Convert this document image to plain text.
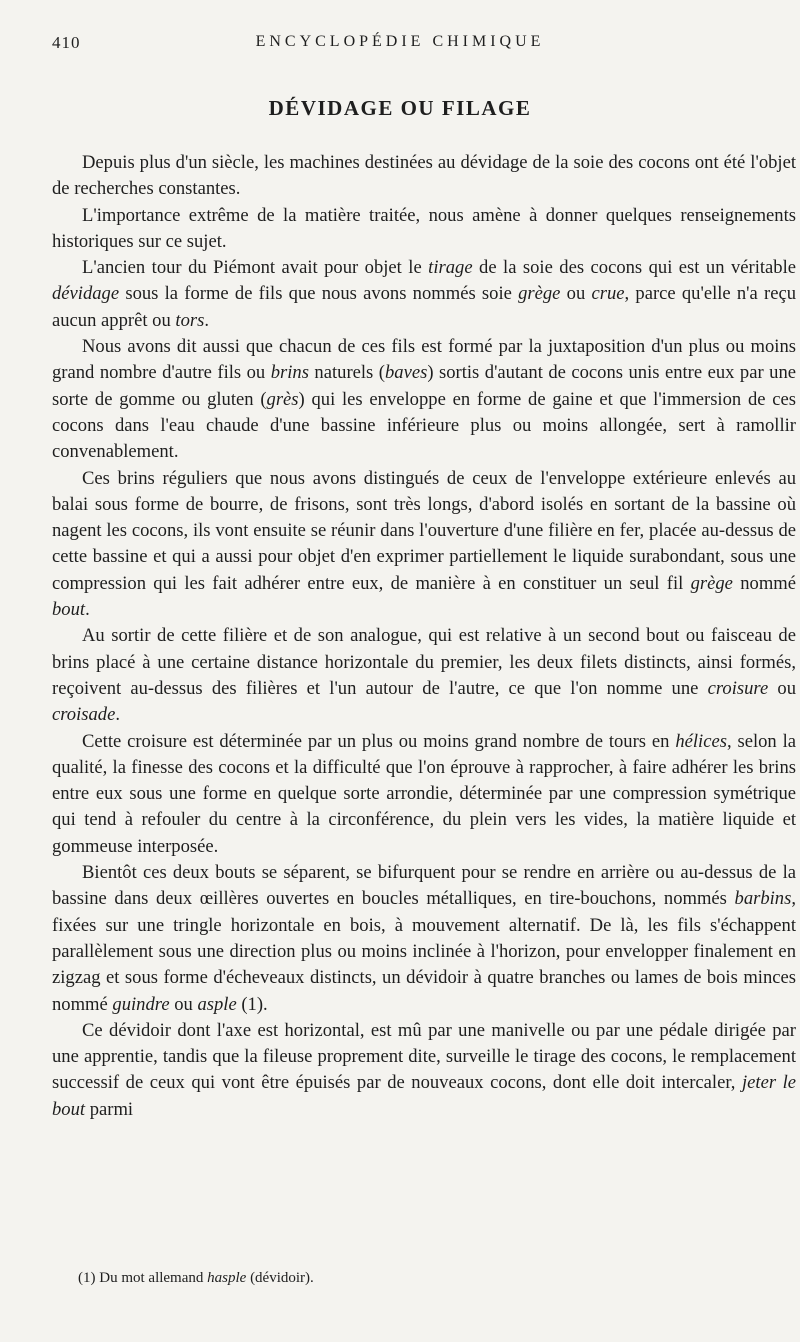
410	ENCYCLOPÉDIE CHIMIQUE
DÉVIDAGE OU FILAGE

Depuis plus d'un siècle, les machines destinées au dévidage de la soie des cocons ont été l'objet de recherches constantes.

L'importance extrême de la matière traitée, nous amène à donner quelques renseignements historiques sur ce sujet.

L'ancien tour du Piémont avait pour objet le tirage de la soie des cocons qui est un véritable dévidage sous la forme de fils que nous avons nommés soie grège ou crue, parce qu'elle n'a reçu aucun apprêt ou tors.

Nous avons dit aussi que chacun de ces fils est formé par la juxtaposition d'un plus ou moins grand nombre d'autre fils ou brins naturels (baves) sortis d'autant de cocons unis entre eux par une sorte de gomme ou gluten (grès) qui les enveloppe en forme de gaine et que l'immersion de ces cocons dans l'eau chaude d'une bassine inférieure plus ou moins allongée, sert à ramollir convenablement.

Ces brins réguliers que nous avons distingués de ceux de l'enveloppe extérieure enlevés au balai sous forme de bourre, de frisons, sont très longs, d'abord isolés en sortant de la bassine où nagent les cocons, ils vont ensuite se réunir dans l'ouverture d'une filière en fer, placée au-dessus de cette bassine et qui a aussi pour objet d'en exprimer partiellement le liquide surabondant, sous une compression qui les fait adhérer entre eux, de manière à en constituer un seul fil grège nommé bout.

Au sortir de cette filière et de son analogue, qui est relative à un second bout ou faisceau de brins placé à une certaine distance horizontale du premier, les deux filets distincts, ainsi formés, reçoivent au-dessus des filières et l'un autour de l'autre, ce que l'on nomme une croisure ou croisade.

Cette croisure est déterminée par un plus ou moins grand nombre de tours en hélices, selon la qualité, la finesse des cocons et la difficulté que l'on éprouve à rapprocher, à faire adhérer les brins entre eux sous une forme en quelque sorte arrondie, déterminée par une compression symétrique qui tend à refouler du centre à la circonférence, du plein vers les vides, la matière liquide et gommeuse interposée.

Bientôt ces deux bouts se séparent, se bifurquent pour se rendre en arrière ou au-dessus de la bassine dans deux œillères ouvertes en boucles métalliques, en tire-bouchons, nommés barbins, fixées sur une tringle horizontale en bois, à mouvement alternatif. De là, les fils s'échappent parallèlement sous une direction plus ou moins inclinée à l'horizon, pour envelopper finalement en zigzag et sous forme d'écheveaux distincts, un dévidoir à quatre branches ou lames de bois minces nommé guindre ou asple (1).

Ce dévidoir dont l'axe est horizontal, est mû par une manivelle ou par une pédale dirigée par une apprentie, tandis que la fileuse proprement dite, surveille le tirage des cocons, le remplacement successif de ceux qui vont être épuisés par de nouveaux cocons, dont elle doit intercaler, jeter le bout parmi

(1) Du mot allemand hasple (dévidoir).
